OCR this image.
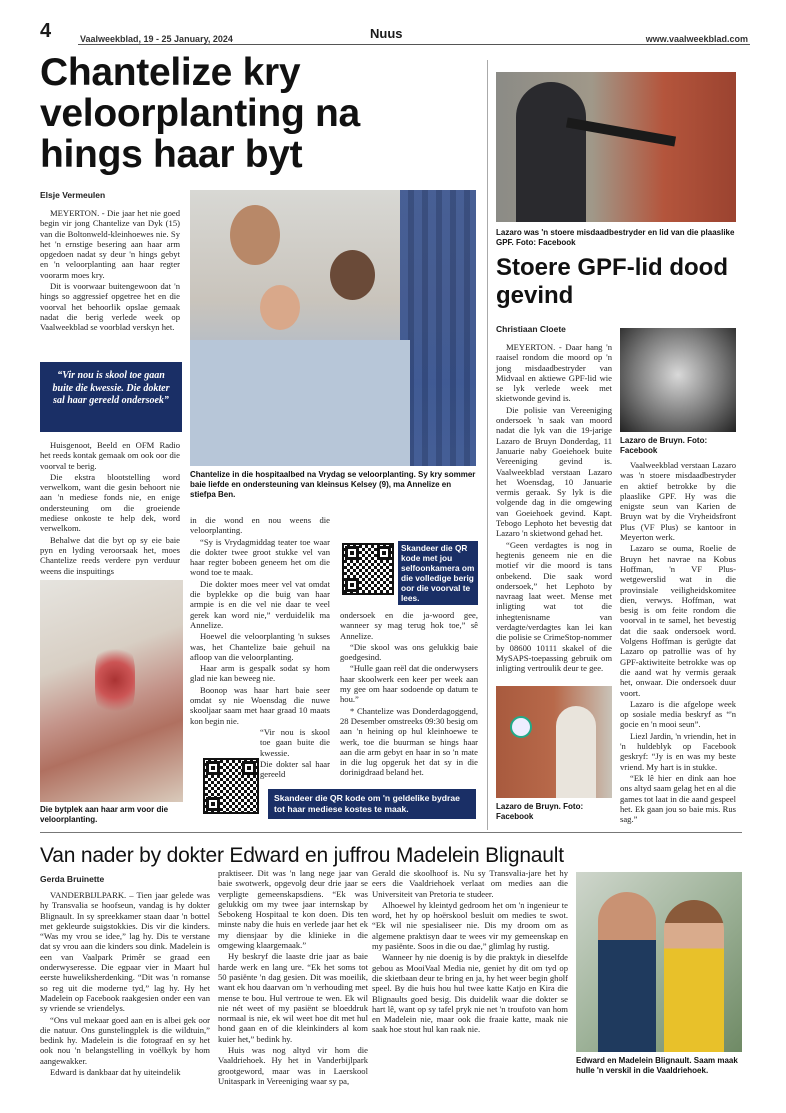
4	Vaalweekblad, 19 - 25 January, 2024	Nuus	www.vaalweekblad.com
Chantelize kry veloorplanting na hings haar byt
Elsje Vermeulen

MEYERTON. - Die jaar het nie goed begin vir jong Chantelize van Dyk (15) van die Boltonweld-kleinhoewes nie. Sy het 'n ernstige besering aan haar arm opgedoen nadat sy deur 'n hings gebyt en 'n veloorplanting aan haar regter voorarm moes kry.

Dit is voorwaar buitengewoon dat 'n hings so aggressief opgetree het en die voorval het behoorlik opslae gemaak nadat die berig verlede week op Vaalweekblad se voorblad verskyn het.

“Vir nou is skool toe gaan buite die kwessie. Die dokter sal haar gereeld ondersoek”

Huisgenoot, Beeld en OFM Radio het reeds kontak gemaak om ook oor die voorval te berig.

Die ekstra blootstelling word verwelkom, want die gesin behoort nie aan 'n mediese fonds nie, en enige ondersteuning om die groeiende mediese onkoste te help dek, word verwelkom.

Behalwe dat die byt op sy eie baie pyn en lyding veroorsaak het, moes Chantelize reeds verdere pyn verduur weens die inspuitings

Die bytplek aan haar arm voor die veloorplanting.
Chantelize in die hospitaalbed na Vrydag se veloorplanting. Sy kry sommer baie liefde en ondersteuning van kleinsus Kelsey (9), ma Annelize en stiefpa Ben.

in die wond en nou weens die veloorplanting.

“Sy is Vrydagmiddag teater toe waar die dokter twee groot stukke vel van haar regter bobeen geneem het om die wond toe te maak.

Die dokter moes meer vel vat omdat die byplekke op die buig van haar armpie is en die vel nie daar te veel gerek kan word nie,” verduidelik ma Annelize.

Hoewel die veloorplanting 'n sukses was, het Chantelize baie gehuil na afloop van die veloorplanting.

Haar arm is gespalk sodat sy hom glad nie kan beweeg nie.

Boonop was haar hart baie seer omdat sy nie Woensdag die nuwe skooljaar saam met haar graad 10 maats kon begin nie.

“Vir nou is skool toe gaan buite die kwessie.

Die dokter sal haar gereeld

Skandeer die QR kode met jou selfoonkamera om die volledige berig oor die voorval te lees.

ondersoek en die ja-woord gee, wanneer sy mag terug hok toe,” sê Annelize.

“Die skool was ons gelukkig baie goedgesind.

“Hulle gaan reël dat die onderwysers haar skoolwerk een keer per week aan my gee om haar sodoende op datum te hou.”

* Chantelize was Donderdagoggend, 28 Desember omstreeks 09:30 besig om aan 'n heining op hul kleinhoewe te werk, toe die buurman se hings haar aan die arm gebyt en haar in so 'n mate in die lug opgeruk het dat sy in die dorinigdraad beland het.

Skandeer die QR kode om 'n geldelike bydrae tot haar mediese kostes te maak.
Lazaro was 'n stoere misdaadbestryder en lid van die plaaslike GPF. Foto: Facebook
Stoere GPF-lid dood gevind
Christiaan Cloete

MEYERTON. - Daar hang 'n raaisel rondom die moord op 'n jong misdaadbestryder van Midvaal en aktiewe GPF-lid wie se lyk verlede week met skietwonde gevind is.

Die polisie van Vereeniging ondersoek 'n saak van moord nadat die lyk van die 19-jarige Lazaro de Bruyn Donderdag, 11 Januarie naby Goeiehoek buite Vereeniging gevind is. Vaalweekblad verstaan Lazaro het Woensdag, 10 Januarie vermis geraak. Sy lyk is die volgende dag in die omgewing van Goeiehoek gevind. Kapt. Tebogo Lephoto het bevestig dat Lazaro 'n skietwond gehad het.

“Geen verdagtes is nog in hegtenis geneem nie en die motief vir die moord is tans onbekend. Die saak word ondersoek,” het Lephoto by navraag laat weet. Mense met inligting wat tot die inhegtenisname van verdagte/verdagtes kan lei kan die polisie se CrimeStop-nommer by 08600 10111 skakel of die MySAPS-toepassing gebruik om inligting vertroulik deur te gee.

Lazaro de Bruyn. Foto: Facebook

Vaalweekblad verstaan Lazaro was 'n stoere misdaadbestryder en aktief betrokke by die plaaslike GPF. Hy was die enigste seun van Karien de Bruyn wat by die Vryheidsfront Plus (VF Plus) se kantoor in Meyerton werk.

Lazaro se ouma, Roelie de Bruyn het navrae na Kobus Hoffman, 'n VF Plus-wetgewerslid wat in die provinsiale veiligheidskomitee dien, verwys. Hoffman, wat besig is om feite rondom die voorval in te samel, het bevestig dat die saak ondersoek word. Volgens Hoffman is gerügte dat Lazaro op patrollie was of hy GPF-aktiwiteite betrokke was op die aand wat hy vermis geraak het, onwaar. Die ondersoek duur voort.

Lazaro is die afgelope week op sosiale media beskryf as “'n gocie en 'n mooi seun”.

Liezl Jardin, 'n vriendin, het in 'n huldeblyk op Facebook geskryf: “Jy is en was my beste vriend. My hart is in stukke.

“Ek lê hier en dink aan hoe ons altyd saam gelag het en al die games tot laat in die aand gespeel het. Ek gaan jou so baie mis. Rus sag.”

Lazaro de Bruyn. Foto: Facebook
Van nader by dokter Edward en juffrou Madelein Blignault
Gerda Bruinette

VANDERBIJLPARK. – Tien jaar gelede was hy Transvalia se hoofseun, vandag is hy dokter Blignault. In sy spreekkamer staan daar 'n bottel met gekleurde suigstokkies. Dis vir die kinders. “Was my vrou se idee,” lag hy. Dis te verstane dat sy vrou aan die kinders sou dink. Madelein is een van Vaalpark Primêr se graad een onderwyseresse. Die egpaar vier in Maart hul eerste huweliksherdenking. “Dit was 'n romanse so reg uit die moderne tyd,” lag hy. Hy het Madelein op Facebook raakgesien onder een van sy vriende se vriendelys.

“Ons vul mekaar goed aan en is albei gek oor die natuur. Ons gunstelingplek is die wildtuin,” bedink hy. Madelein is die fotograaf en sy het ook nou 'n belangstelling in voëlkyk by hom aangewakker.

Edward is dankbaar dat hy uiteindelik

praktiseer. Dit was 'n lang nege jaar van baie swotwerk, opgevolg deur drie jaar se verpligte gemeenskapsdiens. “Ek was gelukkig om my twee jaar internskap by Sebokeng Hospitaal te kon doen. Dis ten minste naby die huis en verlede jaar het ek my diensjaar by die klinieke in die omgewing klaargemaak.”

Hy beskryf die laaste drie jaar as baie harde werk en lang ure. “Ek het soms tot 50 pasiënte 'n dag gesien. Dit was moeilik, want ek hou daarvan om 'n verhouding met mense te bou. Hul vertroue te wen. Ek wil nie nét weet of my pasiënt se bloeddruk normaal is nie, ek wil weet hoe dit met hul hond gaan en of die kleinkinders al kom kuier het,” bedink hy.

Huis was nog altyd vir hom die Vaaldriehoek. Hy het in Vanderbijlpark grootgeword, maar was in Laerskool Unitaspark in Vereeniging waar sy pa,

Gerald die skoolhoof is. Nu sy Transvalia-jare het hy eers die Vaaldriehoek verlaat om medies aan die Universiteit van Pretoria te studeer.

Alhoewel hy kleintyd gedroom het om 'n ingenieur te word, het hy op hoërskool besluit om medies te swot. “Ek wil nie spesialiseer nie. Dis my droom om as algemene praktisyn daar te wees vir my gemeenskap en my pasiënte. Soos in die ou dae,” glimlag hy rustig.

Wanneer hy nie doenig is by die praktyk in dieselfde gebou as MooiVaal Media nie, geniet hy dit om tyd op die skietbaan deur te bring en ja, hy het weer begin gholf speel. By die huis hou hul twee katte Katjo en Kira die Blignaults goed besig. Dis duidelik waar die dokter se hart lê, want op sy tafel pryk nie net 'n troufoto van hom en Madelein nie, maar ook die fraaie katte, maak nie saak hoe stout hul kan raak nie.

Edward en Madelein Blignault. Saam maak hulle 'n verskil in die Vaaldriehoek.
